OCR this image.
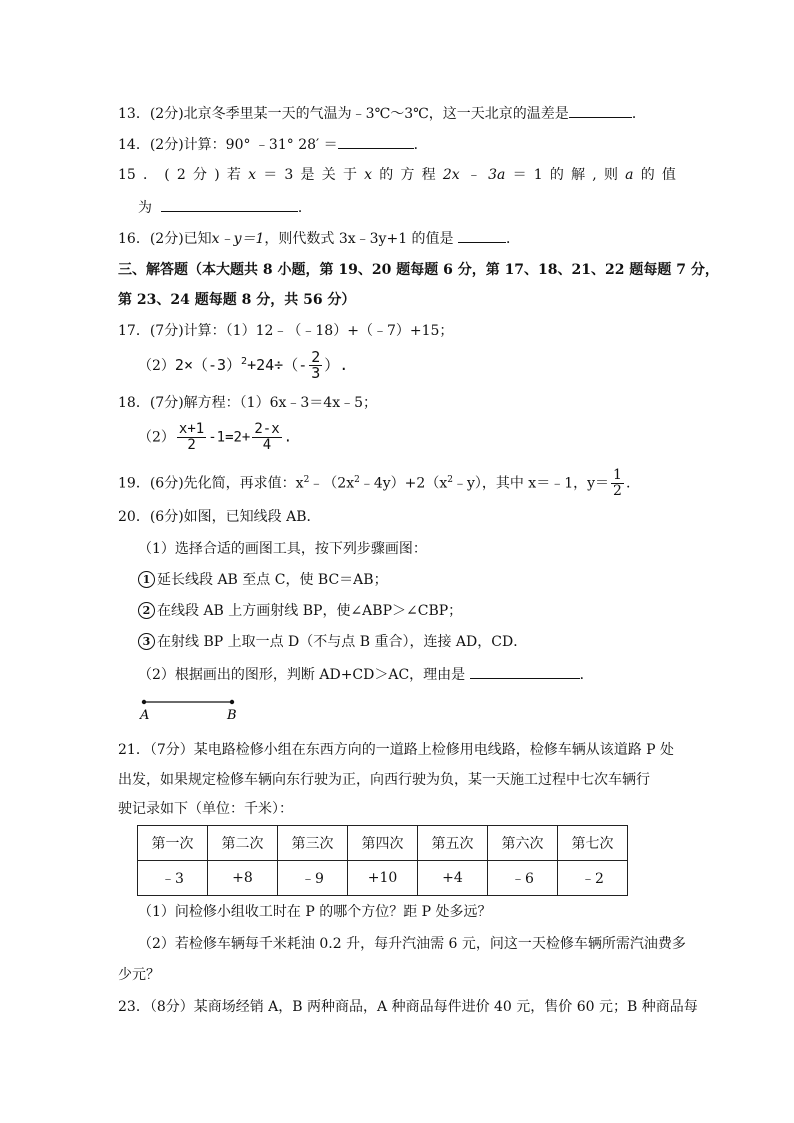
13．(2分)北京冬季里某一天的气温为﹣3℃～3℃，这一天北京的温差是	．
14．(2分)计算：90° ﹣31° 28′ ＝	．
15 ． ( 2 分 ) 若 x ＝ 3 是 关 于 x 的 方 程 2x ﹣ 3a ＝ 1 的 解 , 则 a 的 值
为	．
16．(2分)已知x﹣y＝1，则代数式 3x﹣3y+1 的值是	．
三、解答题（本大题共 8 小题，第 19、20 题每题 6 分，第 17、18、21、22 题每题 7 分，
第 23、24 题每题 8 分，共 56 分）
17．(7分)计算：（1）12﹣（﹣18）+（﹣7）+15；
$(2)2\times(-3)^2+24\div(- \frac{2}{3}$ ）.
18．(7分)解方程：（1）6x﹣3＝4x﹣5；
$(2) \frac{x+1}{2} -1=2+ \frac{2-x}{4}$ .
19．(6分)先化简，再求值：$x^2﹣(2x^2﹣4y)+2(x^2﹣y)$，其中 x＝﹣1，$y= \frac{1}{2}$ .
20．(6分)如图，已知线段 AB．
（1）选择合适的画图工具，按下列步骤画图：
1 延长线段 AB 至点 C，使 BC＝AB；
2 在线段 AB 上方画射线 BP，使∠ABP＞∠CBP；
3 在射线 BP 上取一点 D（不与点 B 重合），连接 AD，CD．
（2）根据画出的图形，判断 AD+CD＞AC，理由是	．
A	B
21．（7分）某电路检修小组在东西方向的一道路上检修用电线路，检修车辆从该道路 P 处
出发，如果规定检修车辆向东行驶为正，向西行驶为负，某一天施工过程中七次车辆行
驶记录如下（单位：千米）：
第一次	第二次	第三次	第四次	第五次	第六次	第七次
﹣3	+8	﹣9	+10	+4	﹣6	﹣2
（1）问检修小组收工时在 P 的哪个方位？距 P 处多远？
（2）若检修车辆每千米耗油 0.2 升，每升汽油需 6 元，问这一天检修车辆所需汽油费多
少元？
23．（8分）某商场经销 A，B 两种商品，A 种商品每件进价 40 元，售价 60 元；B 种商品每
